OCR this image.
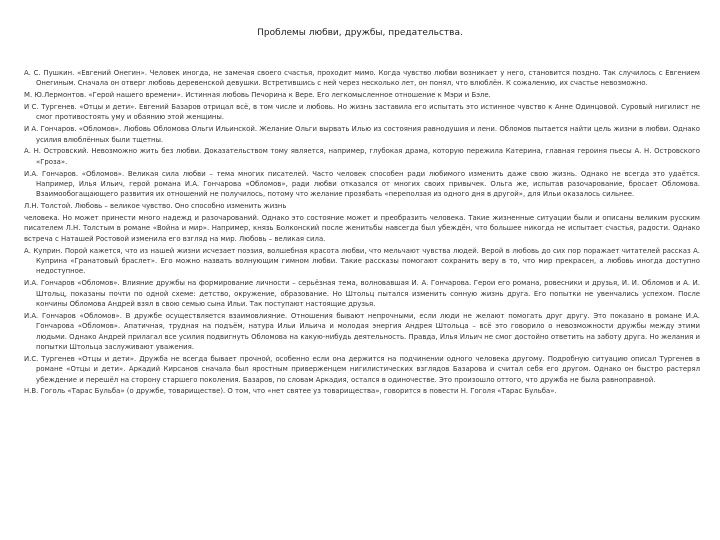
Проблемы любви, дружбы, предательства.

А. С. Пушкин. «Евгений Онегин». Человек иногда, не замечая своего счастья, проходит мимо. Когда чувство любви возникает у него, становится поздно. Так случилось с Евгением Онегиным. Сначала он отверг любовь деревенской девушки. Встретившись с ней через несколько лет, он понял, что влюблён. К сожалению, их счастье невозможно.

М. Ю.Лермонтов. «Герой нашего времени». Истинная любовь Печорина к Вере. Его легкомысленное отношение к Мэри и Бэле.

И С. Тургенев. «Отцы и дети». Евгений Базаров отрицал всё, в том числе и любовь. Но жизнь заставила его испытать это истинное чувство к Анне Одинцовой. Суровый нигилист не смог противостоять уму и обаянию этой женщины.

И А. Гончаров. «Обломов». Любовь Обломова Ольги Ильинской. Желание Ольги вырвать Илью из состояния равнодушия и лени. Обломов пытается найти цель жизни в любви. Однако усилия влюблённых были тщетны.

А. Н. Островский. Невозможно жить без любви. Доказательством тому является, например, глубокая драма, которую пережила Катерина, главная героиня пьесы А. Н. Островского «Гроза».

И.А. Гончаров. «Обломов». Великая сила любви – тема многих писателей. Часто человек способен ради любимого изменить даже свою жизнь. Однако не всегда это удаётся. Например, Илья Ильич, герой романа И.А. Гончарова «Обломов», ради любви отказался от многих своих привычек. Ольга же, испытав разочарование, бросает Обломова. Взаимообогащающего развития их отношений не получилось, потому что желание прозябать «переползая из одного дня в другой», для Ильи оказалось сильнее.

Л.Н. Толстой. Любовь – великое чувство. Оно способно изменить жизнь

человека. Но может принести много надежд и разочарований. Однако это состояние может и преобразить человека. Такие жизненные ситуации были и описаны великим русским писателем Л.Н. Толстым в романе «Война и мир». Например, князь Болконский после женитьбы навсегда был убеждён, что большее никогда не испытает счастья, радости. Однако встреча с Наташей Ростовой изменила его взгляд на мир. Любовь – великая сила.

А. Куприн. Порой кажется, что из нашей жизни исчезает поэзия, волшебная красота любви, что мельчают чувства людей. Верой в любовь до сих пор поражает читателей рассказ А. Куприна «Гранатовый браслет». Его можно назвать волнующим гимном любви. Такие рассказы помогают сохранить веру в то, что мир прекрасен, а любовь иногда доступно недоступное.

И.А. Гончаров «Обломов». Влияние дружбы на формирование личности – серьёзная тема, волновавшая И. А. Гончарова. Герои его романа, ровесники и друзья, И. И. Обломов и А. И. Штольц, показаны почти по одной схеме: детство, окружение, образование. Но Штольц пытался изменить сонную жизнь друга. Его попытки не увенчались успехом. После кончины Обломова Андрей взял в свою семью сына Ильи. Так поступают настоящие друзья.

И.А. Гончаров «Обломов». В дружбе осуществляется взаимовлияние. Отношения бывают непрочными, если люди не желают помогать друг другу. Это показано в романе И.А. Гончарова «Обломов». Апатичная, трудная на подъём, натура Ильи Ильича и молодая энергия Андрея Штольца – всё это говорило о невозможности дружбы между этими людьми. Однако Андрей прилагал все усилия подвигнуть Обломова на какую-нибудь деятельность. Правда, Илья Ильич не смог достойно ответить на заботу друга. Но желания и попытки Штольца заслуживают уважения.

И.С. Тургенев «Отцы и дети». Дружба не всегда бывает прочной, особенно если она держится на подчинении одного человека другому. Подробную ситуацию описал Тургенев в романе «Отцы и дети». Аркадий Кирсанов сначала был яростным приверженцем нигилистических взглядов Базарова и считал себя его другом. Однако он быстро растерял убеждение и перешёл на сторону старшего поколения. Базаров, по словам Аркадия, остался в одиночестве. Это произошло оттого, что дружба не была равноправной.

Н.В. Гоголь «Тарас Бульба» (о дружбе, товариществе). О том, что «нет святее уз товарищества», говорится в повести Н. Гоголя «Тарас Бульба».
